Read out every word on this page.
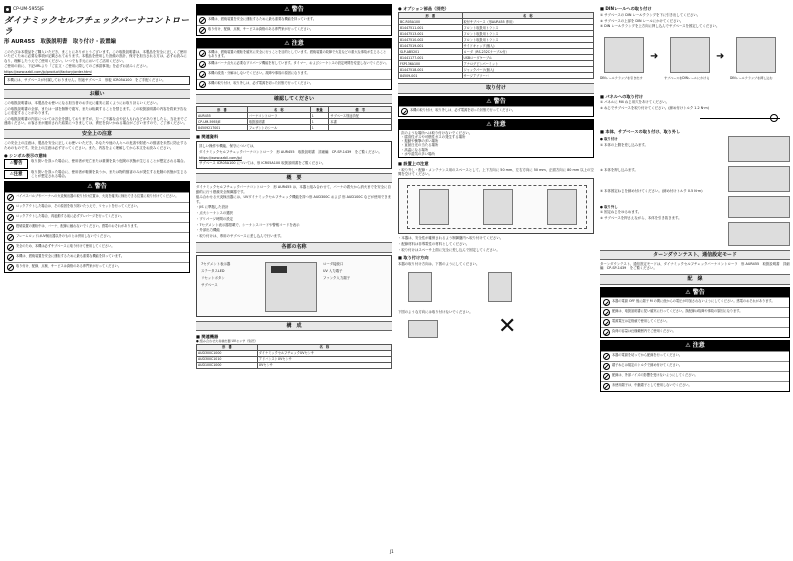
CP-UM-5955JE
ダイナミックセルフチェックバーナコントローラ
形 AUR455　 取扱説明書　取り付け・設置編

このたびは本製品をご購入いただき、まことにありがとうございます。この取扱説明書は、本製品を安全に正しくご使用いただくために必要な事項が記載されております。本製品を使用した設備の設計、保守を担当される方は、必ずお読みになり、理解したうえでご使用ください。いつでも手元においてご活用ください。

ご使用の前に、下記URLより『ご注文・ご使用に際してのご承諾事項』を必ずお読みください。

https://www.azbil.com/jp/product/factory/order.html

本機には、サブベースが付属しておりません。別途サブベース　形板 ICR05A100　をご手配ください。
お願い

この取扱説明書は、本製品をお使いになる担当者のお手元に確実に届くようにお取り計らいください。

この取扱説明書の全部、または一部を無断で複写、または転載することを禁じます。この取扱説明書の内容を将来予告なしに変更することがあります。

この取扱説明書の内容については万全を期しておりますが、万一ご不審な点や記入もれなどがありましたら、当社までご連絡ください。お客さまが運用された結果につきましては、責任を負いかねる場合がございますので、ご了承ください。

安全上の注意

この安全上の注意は、製品を安全に正しくお使いいただき、あなたや他の人々への危害や財産への損害を未然に防止するためのものです。安全上の注意は必ず守ってください。また、内容をよく理解してから本文をお読みください。

● シンボル表示の意味
⚠警告	取り扱いを誤った場合に、使用者が死亡または重傷を負う危険の状態が生じることが想定される場合。
⚠注意	取り扱いを誤った場合に、使用者が軽傷を負うか、または物的損害のみが発生する危険の状態が生じることが想定される場合。
⚠ 警告
バイパスバルブやバーナへの火炎検出器の取り付け位置は、火炎を確実に検出できる位置に取り付けてください。
ロックアウトした場合は、その原因を取り除いたうえで、リセットを行ってください。
ロックアウトした場合、再起動する前に必ずプレパージを行ってください。
燃焼装置の運転中は、バーナ、配線に触れないでください。感電のおそれがあります。
フレームロッドはUV検出器以外のものとは併用しないでください。
安全のため、本機は必ずサブベースに取り付けて使用してください。
本機は、燃焼装置を安全に運転するために最も重要な機能を持っています。
取り付け、配線、点検、サービスは資格のある専門家が行ってください。
⚠ 警告
本機は、燃焼装置を安全に運転するために最も重要な機能を持っています。
取り付け、配線、点検、サービスは資格のある専門家が行ってください。
⚠ 注意
本機は、燃焼装置の運転を確実に安全に行うことを目的としています。燃焼装置の故障で火災などの重大な事故が生じることもあります。
本機はバーナ点火に必要なプリパージ機能を有しています。タイマー、およびシーケンスの設定時間を変更しないでください。
本機の改造・分解はしないでください。故障や事故の原因になります。
本機の取り付け、取り外しは、必ず電源を切った状態で行ってください。
確認してください
形　番	名　称	数量	備　考
AUR455	バーナコントローラ	1	サブベース別途手配
CP-UM-5955JE	取扱説明書	1	本書
84509217001	フェザントのシール	1	
■ 関連資料

詳しい操作や機能、保守については、

ダイナミックセルフチェックバーナコントローラ　形 AUR455　取扱説明書　詳細編　CP-SP-1439　をご覧ください。

https://www.azbil.com/jp/

サブベース ICR05A100 については、形 ICR05A100 取扱説明書をご覧ください。

概　要

ダイナミックセルフチェックバーナコントローラ　形 AUR455 は、本器と組み合わせて、バーナの着火から消火までを安全に自動的に行う燃焼安全制御器です。

組み合わせる火炎検出器には、UVダイナミックセルフチェック機能を持つ形 AUD300C および 形 AUD100C などが使用できます。

・JIS に準拠した設計

・点火シーケンスの選択

・プリパージ時間の設定

・7セグメント表示器搭載で、シーケンスコードや警報コードを表示

・外部出力機能

・取り付けは、専用のサブベースに差し込んで行います。

各部の名称
7セグメント表示器
ステータスLED
リセットボタン
サブベース
ローダ接続口
UV 入力端子
ファンク入力端子
構　成
■ 関連機器
● 組み合わせ火炎検出器 UVセンサ（別売）
形　番	名　称
AUD300C1000	ダイナミックセルフチェックUVセンサ
AUD300C1010	アドバンストUVセンサ
AUD100C1000	UVセンサ
● オプション部品（別売）
形　番	名　称
BC-R05A100	取付サブベース（形AUR455 専用）
81447511-001	フロント取扱用トランス
81447513-001	フロント取扱用トランス
81447510-002	フロント取扱用トランス
81447519-001	サイドキャップ(個入)
SLP-AB5201	ローダ（RS-232Cケーブル付）
81441177-001	USBローダケーブル
FSP136A100	アナログピンパーミット
81447518-001	ジャックパーツ(個入)
84509-001	サージアブソーバ
取り付け
⚠ 警告
本機の取り付け、取り外しは、必ず電源を切った状態で行ってください。
⚠ 注意
次のような場所へは取り付けないでください。
・腐食性ガスや可燃性ガスの発生する場所
・振動や衝撃の多い場所
・直射日光の当たる場所
・高温になる場所
・水や湿気の多い場所
■ 設置上の注意

・取り外し・配線・メンテナンス用のスペースとして、上下方向に 50 mm、左右方向に 50 mm、正面方向に 80 mm 以上の空間を空けてください。

・本器は、安全性が確保されるよう制御盤内へ取り付けてください。

・配線材料は非導電性の材料としてください。

・取り付けはスペーサ上面に完全に差し込んで固定してください。

■ 取り付け方向

本器の取り付け方向は、下図のようにしてください。

下図のような方向には取り付けないでください。

✕
J1
■ DINレールへの取り付け

① サブベースの DIN レールクランプを下に引き出してください。

② サブベースの上部を DIN レールにかけてください。

③ DIN レールクランプを上方向に押し込んでサブベースを固定してください。

➜	➜
DINレールクランプを引き出す	サブベースをDINレールにかける	DINレールクランプを押し込む
■ パネルへの取り付け

① パネルに M4 ねじ用穴をあけてください。

② ねじでサブベースを取り付けてください。(締め付けトルク 1.2 N·m)

■ 本体、サブベースの取り付け、取り外し

● 取り付け

① 本体の上側を差し込みます。

② 本体を押し込みます。

③ 本体固定ねじを締め付けてください。(締め付けトルク 0.5 N·m)

● 取り外し

① 固定ねじをゆるめます。

② サブベースを押さえながら、本体を引き抜きます。

ターンダウンテスト、通信設定モード

ターンダウンテスト、通信設定モードは、ダイナミックセルフチェックバーナコントローラ　形 AUR455　取扱説明書　詳細編　CP-SP-1439　をご覧ください。

配　線
⚠ 警告
本器の電源 OFF 後に端子 M の間に他からの電圧が印加されないようにしてください。感電のおそれがあります。
配線は、取扱説明書に従い確実に行ってください。誤配線は故障や事故の原因になります。
電源電圧は定格値で使用してください。
負荷の容量は仕様範囲内でご使用ください。
⚠ 注意
本器の電源を切ってから配線を行ってください。
端子ねじは規定のトルクで締め付けてください。
配線は、外部ノイズの影響を受けないようにしてください。
未使用端子は、中継端子として使用しないでください。
